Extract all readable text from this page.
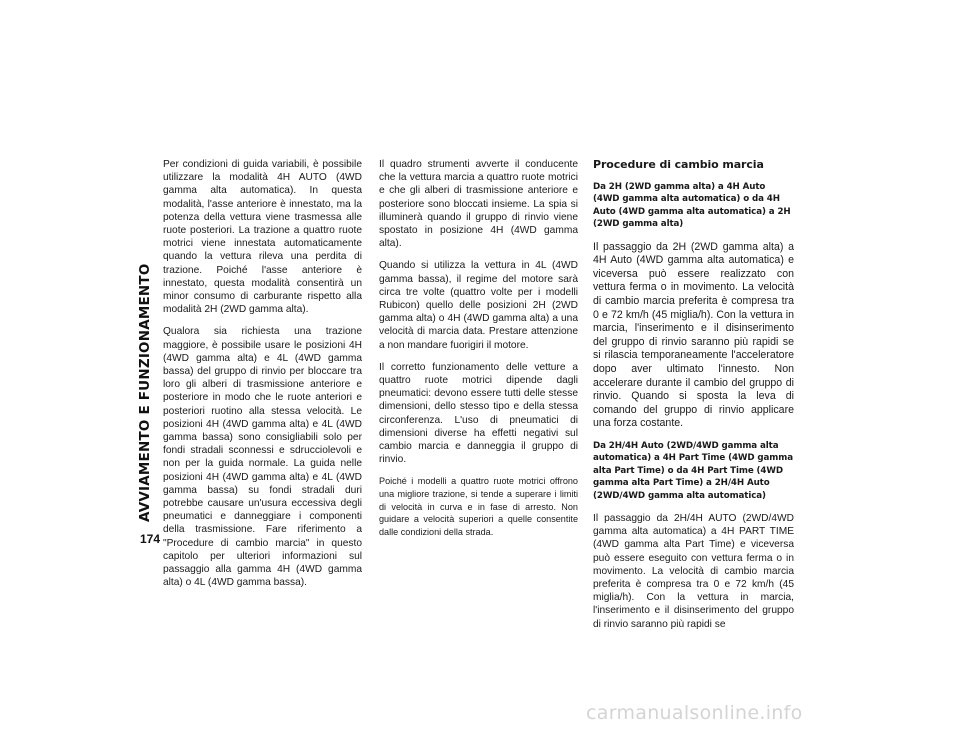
AVVIAMENTO E FUNZIONAMENTO
174

Per condizioni di guida variabili, è possibile utilizzare la modalità 4H AUTO (4WD gamma alta automatica). In questa modalità, l'asse anteriore è innestato, ma la potenza della vettura viene trasmessa alle ruote posteriori. La trazione a quattro ruote motrici viene innestata automaticamente quando la vettura rileva una perdita di trazione. Poiché l'asse anteriore è innestato, questa modalità consentirà un minor consumo di carburante rispetto alla modalità 2H (2WD gamma alta).

Qualora sia richiesta una trazione maggiore, è possibile usare le posizioni 4H (4WD gamma alta) e 4L (4WD gamma bassa) del gruppo di rinvio per bloccare tra loro gli alberi di trasmissione anteriore e posteriore in modo che le ruote anteriori e posteriori ruotino alla stessa velocità. Le posizioni 4H (4WD gamma alta) e 4L (4WD gamma bassa) sono consigliabili solo per fondi stradali sconnessi e sdrucciolevoli e non per la guida normale. La guida nelle posizioni 4H (4WD gamma alta) e 4L (4WD gamma bassa) su fondi stradali duri potrebbe causare un'usura eccessiva degli pneumatici e danneggiare i componenti della trasmissione. Fare riferimento a "Procedure di cambio marcia" in questo capitolo per ulteriori informazioni sul passaggio alla gamma 4H (4WD gamma alta) o 4L (4WD gamma bassa).

Il quadro strumenti avverte il conducente che la vettura marcia a quattro ruote motrici e che gli alberi di trasmissione anteriore e posteriore sono bloccati insieme. La spia si illuminerà quando il gruppo di rinvio viene spostato in posizione 4H (4WD gamma alta).

Quando si utilizza la vettura in 4L (4WD gamma bassa), il regime del motore sarà circa tre volte (quattro volte per i modelli Rubicon) quello delle posizioni 2H (2WD gamma alta) o 4H (4WD gamma alta) a una velocità di marcia data. Prestare attenzione a non mandare fuorigiri il motore.

Il corretto funzionamento delle vetture a quattro ruote motrici dipende dagli pneumatici: devono essere tutti delle stesse dimensioni, dello stesso tipo e della stessa circonferenza. L'uso di pneumatici di dimensioni diverse ha effetti negativi sul cambio marcia e danneggia il gruppo di rinvio.

Poiché i modelli a quattro ruote motrici offrono una migliore trazione, si tende a superare i limiti di velocità in curva e in fase di arresto. Non guidare a velocità superiori a quelle consentite dalle condizioni della strada.

Procedure di cambio marcia
Da 2H (2WD gamma alta) a 4H Auto (4WD gamma alta automatica) o da 4H Auto (4WD gamma alta automatica) a 2H (2WD gamma alta)

Il passaggio da 2H (2WD gamma alta) a 4H Auto (4WD gamma alta automatica) e viceversa può essere realizzato con vettura ferma o in movimento. La velocità di cambio marcia preferita è compresa tra 0 e 72 km/h (45 miglia/h). Con la vettura in marcia, l'inserimento e il disinserimento del gruppo di rinvio saranno più rapidi se si rilascia temporaneamente l'acceleratore dopo aver ultimato l'innesto. Non accelerare durante il cambio del gruppo di rinvio. Quando si sposta la leva di comando del gruppo di rinvio applicare una forza costante.

Da 2H/4H Auto (2WD/4WD gamma alta automatica) a 4H Part Time (4WD gamma alta Part Time) o da 4H Part Time (4WD gamma alta Part Time) a 2H/4H Auto (2WD/4WD gamma alta automatica)

Il passaggio da 2H/4H AUTO (2WD/4WD gamma alta automatica) a 4H PART TIME (4WD gamma alta Part Time) e viceversa può essere eseguito con vettura ferma o in movimento. La velocità di cambio marcia preferita è compresa tra 0 e 72 km/h (45 miglia/h). Con la vettura in marcia, l'inserimento e il disinserimento del gruppo di rinvio saranno più rapidi se

carmanualsonline.info
